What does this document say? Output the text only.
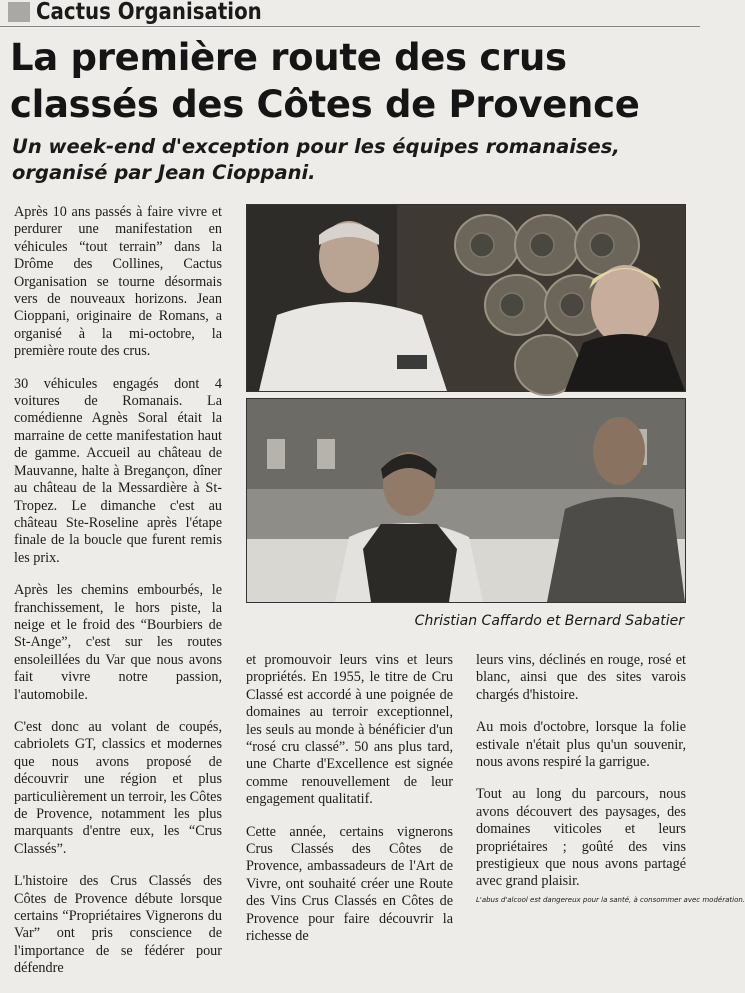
Cactus Organisation
La première route des crus
classés des Côtes de Provence
Un week-end d'exception pour les équipes romanaises,
organisé par Jean Cioppani.

Après 10 ans passés à faire vivre et perdurer une manifestation en véhicules “tout terrain” dans la Drôme des Collines, Cactus Organisation se tourne désormais vers de nouveaux horizons. Jean Cioppani, originaire de Romans, a organisé à la mi-octobre, la première route des crus.

30 véhicules engagés dont 4 voitures de Romanais. La comédienne Agnès Soral était la marraine de cette manifestation haut de gamme. Accueil au château de Mauvanne, halte à Bregançon, dîner au château de la Messardière à St-Tropez. Le dimanche c'est au château Ste-Roseline après l'étape finale de la boucle que furent remis les prix.

Après les chemins embourbés, le franchissement, le hors piste, la neige et le froid des “Bourbiers de St-Ange”, c'est sur les routes ensoleillées du Var que nous avons fait vivre notre passion, l'automobile.

C'est donc au volant de coupés, cabriolets GT, classics et modernes que nous avons proposé de découvrir une région et plus particulièrement un terroir, les Côtes de Provence, notamment les plus marquants d'entre eux, les “Crus Classés”.

L'histoire des Crus Classés des Côtes de Provence débute lorsque certains “Propriétaires Vignerons du Var” ont pris conscience de l'importance de se fédérer pour défendre

Christian Caffardo et Bernard Sabatier

et promouvoir leurs vins et leurs propriétés. En 1955, le titre de Cru Classé est accordé à une poignée de domaines au terroir exceptionnel, les seuls au monde à bénéficier d'un “rosé cru classé”. 50 ans plus tard, une Charte d'Excellence est signée comme renouvellement de leur engagement qualitatif.

Cette année, certains vignerons Crus Classés des Côtes de Provence, ambassadeurs de l'Art de Vivre, ont souhaité créer une Route des Vins Crus Classés en Côtes de Provence pour faire découvrir la richesse de

leurs vins, déclinés en rouge, rosé et blanc, ainsi que des sites varois chargés d'histoire.

Au mois d'octobre, lorsque la folie estivale n'était plus qu'un souvenir, nous avons respiré la garrigue.

Tout au long du parcours, nous avons découvert des paysages, des domaines viticoles et leurs propriétaires ; goûté des vins prestigieux que nous avons partagé avec grand plaisir.

L'abus d'alcool est dangereux pour la santé, à consommer avec modération.
